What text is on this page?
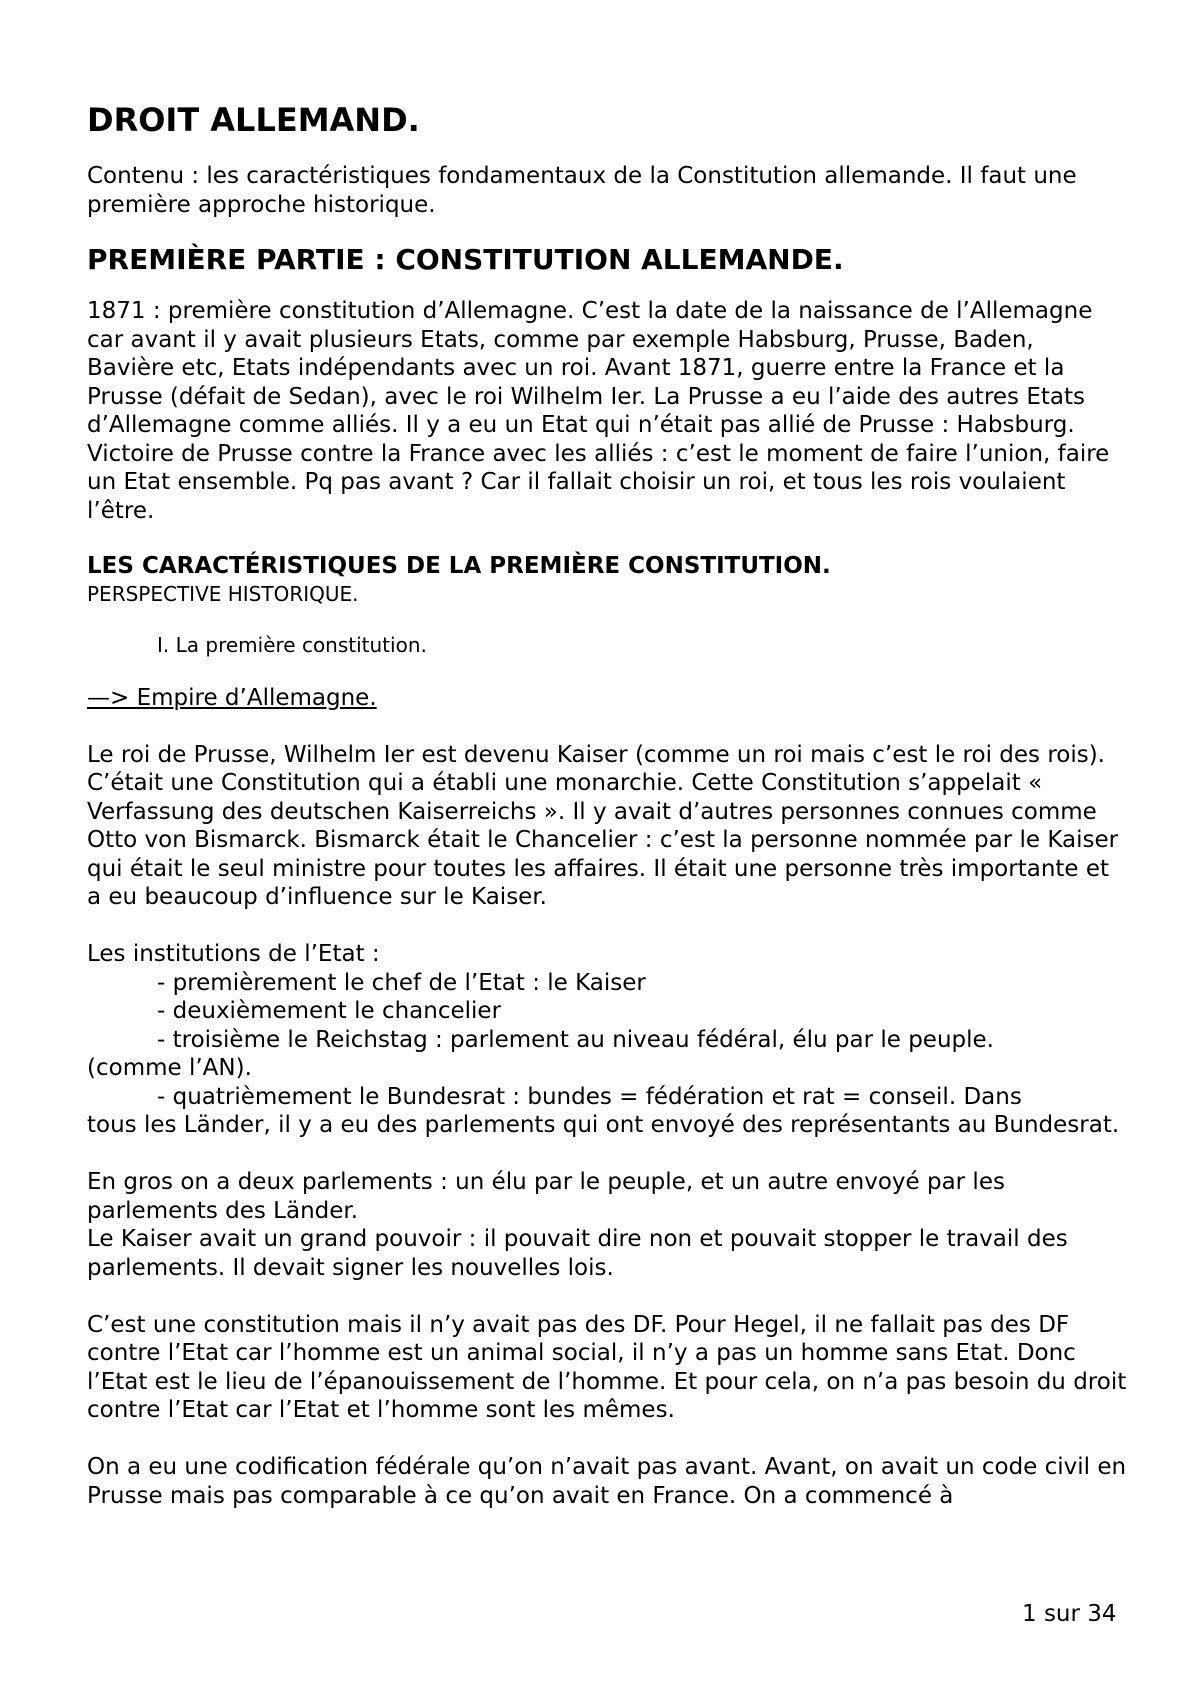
DROIT ALLEMAND.

Contenu : les caractéristiques fondamentaux de la Constitution allemande. Il faut une première approche historique.

PREMIÈRE PARTIE : CONSTITUTION ALLEMANDE.

1871 : première constitution d’Allemagne. C’est la date de la naissance de l’Allemagne car avant il y avait plusieurs Etats, comme par exemple Habsburg, Prusse, Baden, Bavière etc, Etats indépendants avec un roi. Avant 1871, guerre entre la France et la Prusse (défait de Sedan), avec le roi Wilhelm Ier. La Prusse a eu l’aide des autres Etats d’Allemagne comme alliés. Il y a eu un Etat qui n’était pas allié de Prusse : Habsburg. Victoire de Prusse contre la France avec les alliés : c’est le moment de faire l’union, faire un Etat ensemble. Pq pas avant ? Car il fallait choisir un roi, et tous les rois voulaient l’être.

LES CARACTÉRISTIQUES DE LA PREMIÈRE CONSTITUTION.

PERSPECTIVE HISTORIQUE.

I. La première constitution.

—> Empire d’Allemagne.

Le roi de Prusse, Wilhelm Ier est devenu Kaiser (comme un roi mais c’est le roi des rois). C’était une Constitution qui a établi une monarchie. Cette Constitution s’appelait « Verfassung des deutschen Kaiserreichs ». Il y avait d’autres personnes connues comme Otto von Bismarck. Bismarck était le Chancelier : c’est la personne nommée par le Kaiser qui était le seul ministre pour toutes les affaires. Il était une personne très importante et a eu beaucoup d’influence sur le Kaiser.

Les institutions de l’Etat :

- premièrement le chef de l’Etat : le Kaiser

- deuxièmement le chancelier

- troisième le Reichstag : parlement au niveau fédéral, élu par le peuple.

(comme l’AN).

- quatrièmement le Bundesrat : bundes = fédération et rat = conseil. Dans

tous les Länder, il y a eu des parlements qui ont envoyé des représentants au Bundesrat.

En gros on a deux parlements : un élu par le peuple, et un autre envoyé par les parlements des Länder.

Le Kaiser avait un grand pouvoir : il pouvait dire non et pouvait stopper le travail des parlements. Il devait signer les nouvelles lois.

C’est une constitution mais il n’y avait pas des DF. Pour Hegel, il ne fallait pas des DF contre l’Etat car l’homme est un animal social, il n’y a pas un homme sans Etat. Donc l’Etat est le lieu de l’épanouissement de l’homme. Et pour cela, on n’a pas besoin du droit contre l’Etat car l’Etat et l’homme sont les mêmes.

On a eu une codification fédérale qu’on n’avait pas avant. Avant, on avait un code civil en Prusse mais pas comparable à ce qu’on avait en France. On a commencé à

1 sur 34
